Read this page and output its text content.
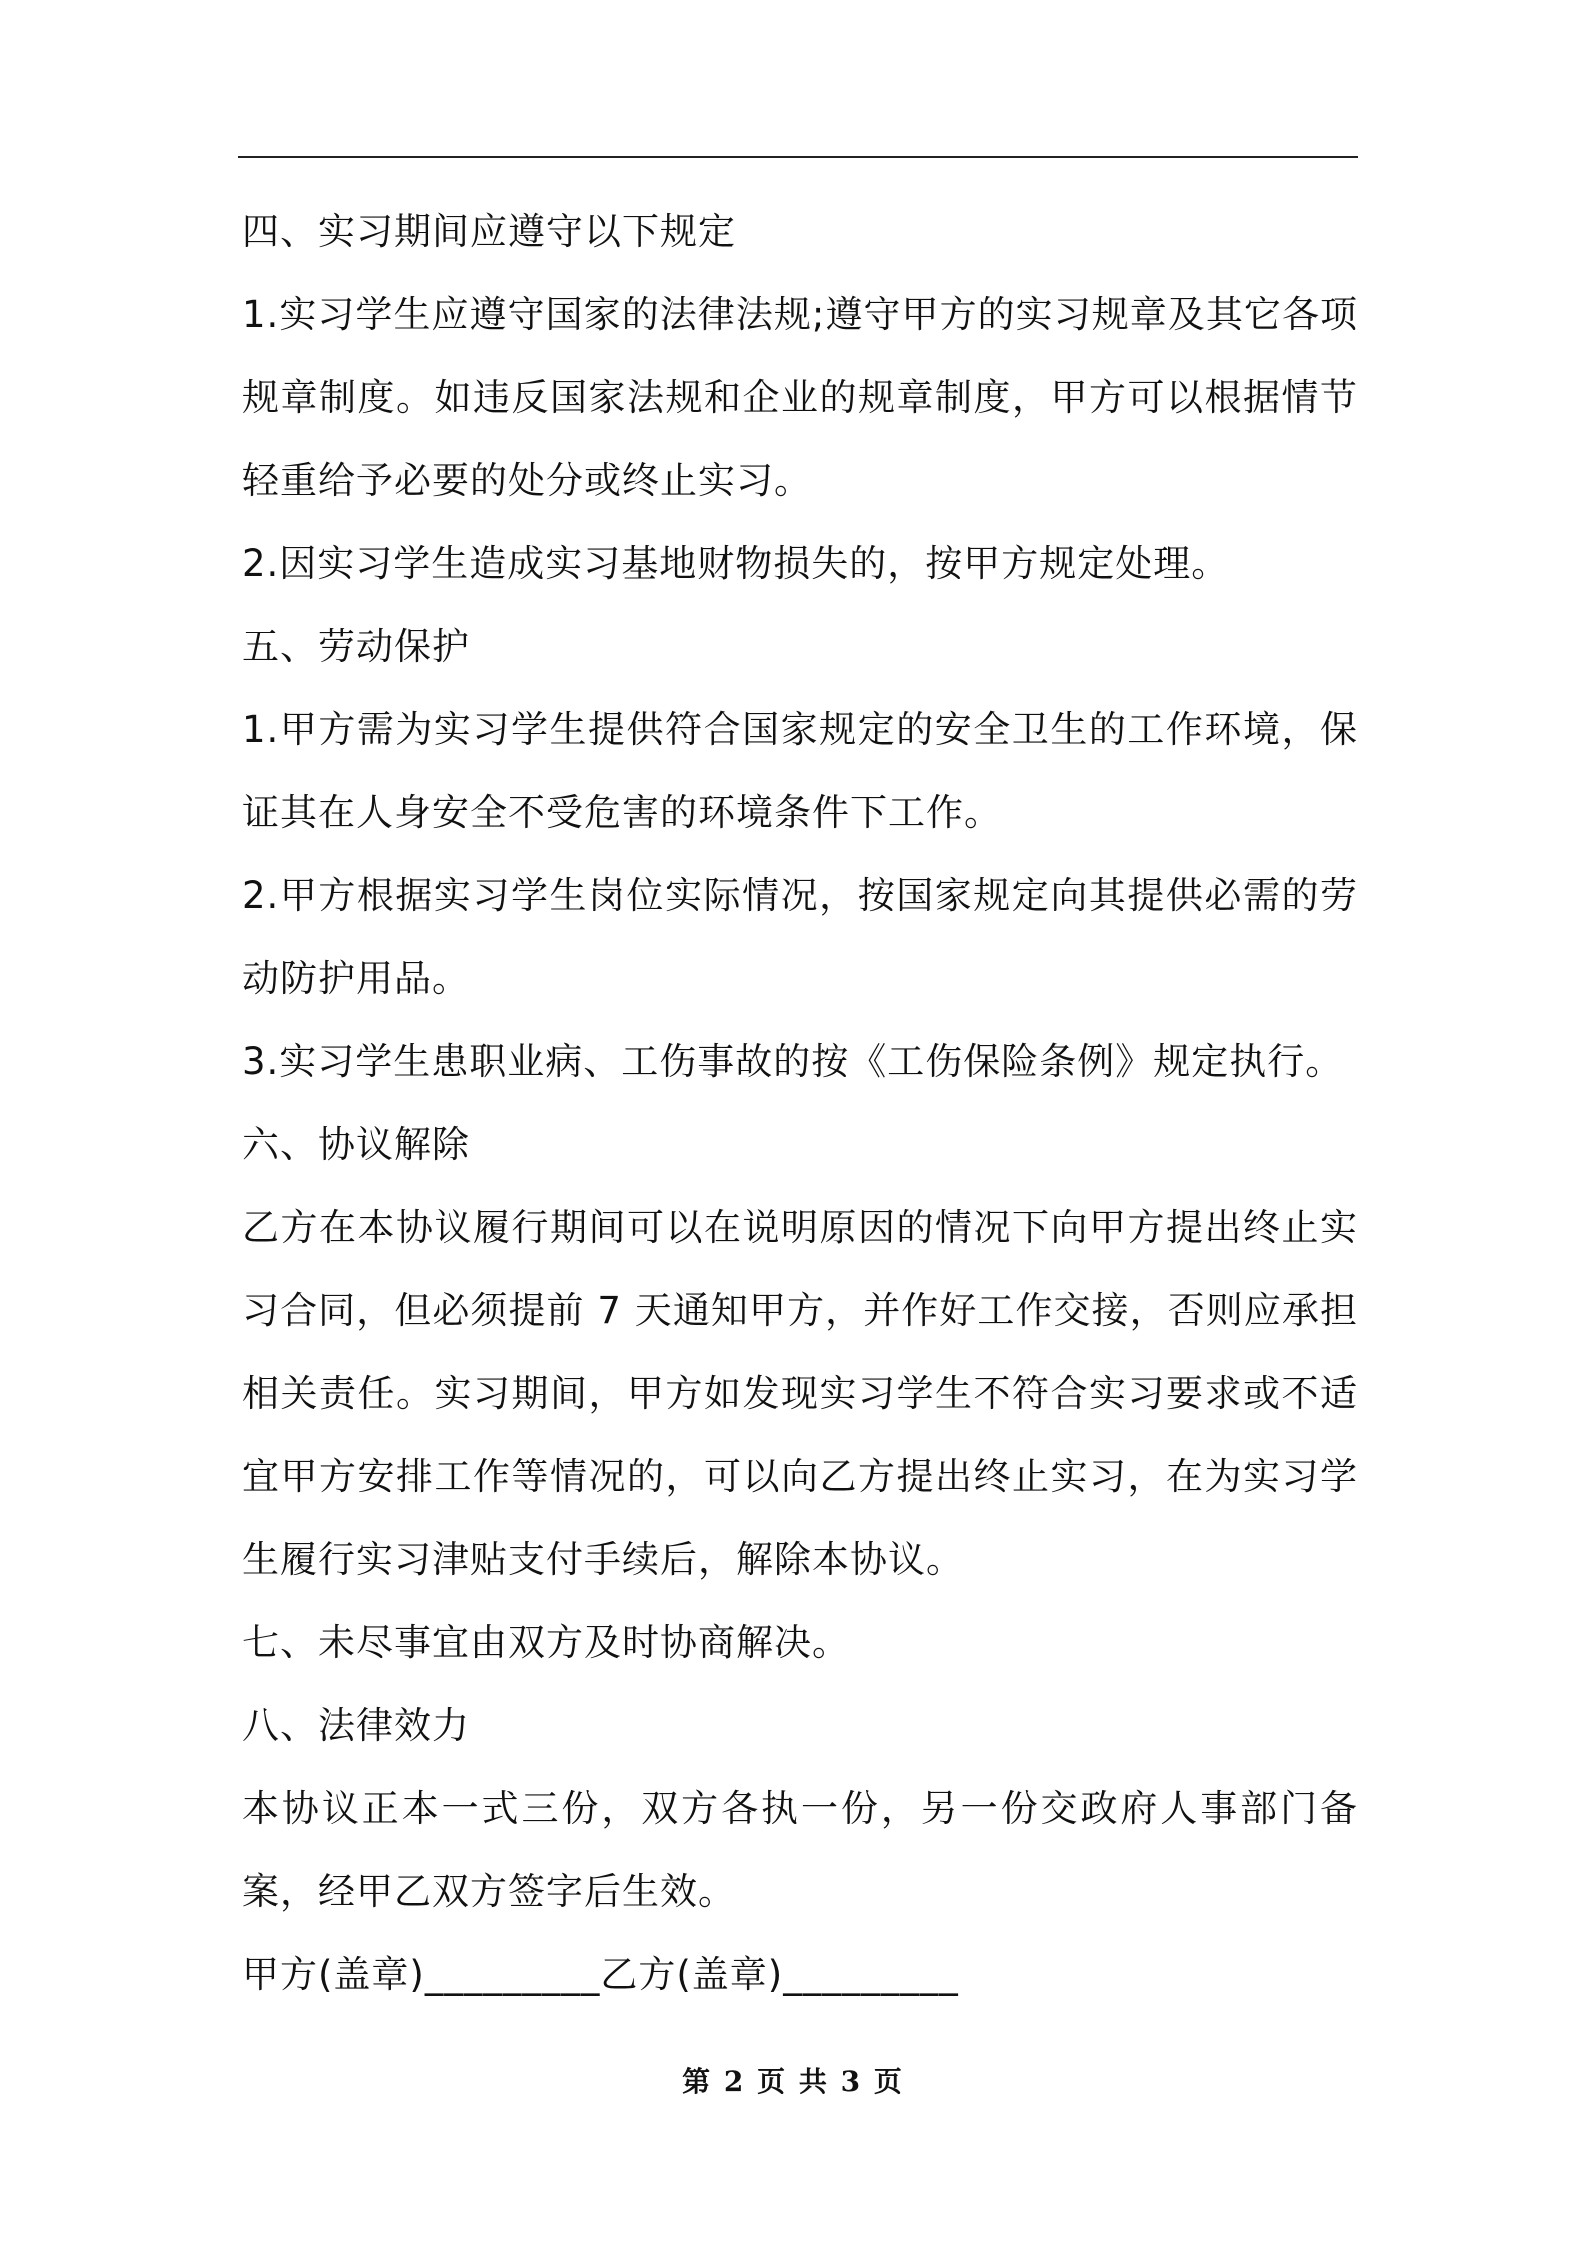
四、实习期间应遵守以下规定

1.实习学生应遵守国家的法律法规;遵守甲方的实习规章及其它各项规章制度。如违反国家法规和企业的规章制度，甲方可以根据情节轻重给予必要的处分或终止实习。

2.因实习学生造成实习基地财物损失的，按甲方规定处理。

五、劳动保护

1.甲方需为实习学生提供符合国家规定的安全卫生的工作环境，保证其在人身安全不受危害的环境条件下工作。

2.甲方根据实习学生岗位实际情况，按国家规定向其提供必需的劳动防护用品。

3.实习学生患职业病、工伤事故的按《工伤保险条例》规定执行。

六、协议解除

乙方在本协议履行期间可以在说明原因的情况下向甲方提出终止实习合同，但必须提前 7 天通知甲方，并作好工作交接，否则应承担相关责任。实习期间，甲方如发现实习学生不符合实习要求或不适宜甲方安排工作等情况的，可以向乙方提出终止实习，在为实习学生履行实习津贴支付手续后，解除本协议。

七、未尽事宜由双方及时协商解决。

八、法律效力

本协议正本一式三份，双方各执一份，另一份交政府人事部门备案，经甲乙双方签字后生效。

甲方(盖章)_________乙方(盖章)_________

第 2 页 共 3 页
